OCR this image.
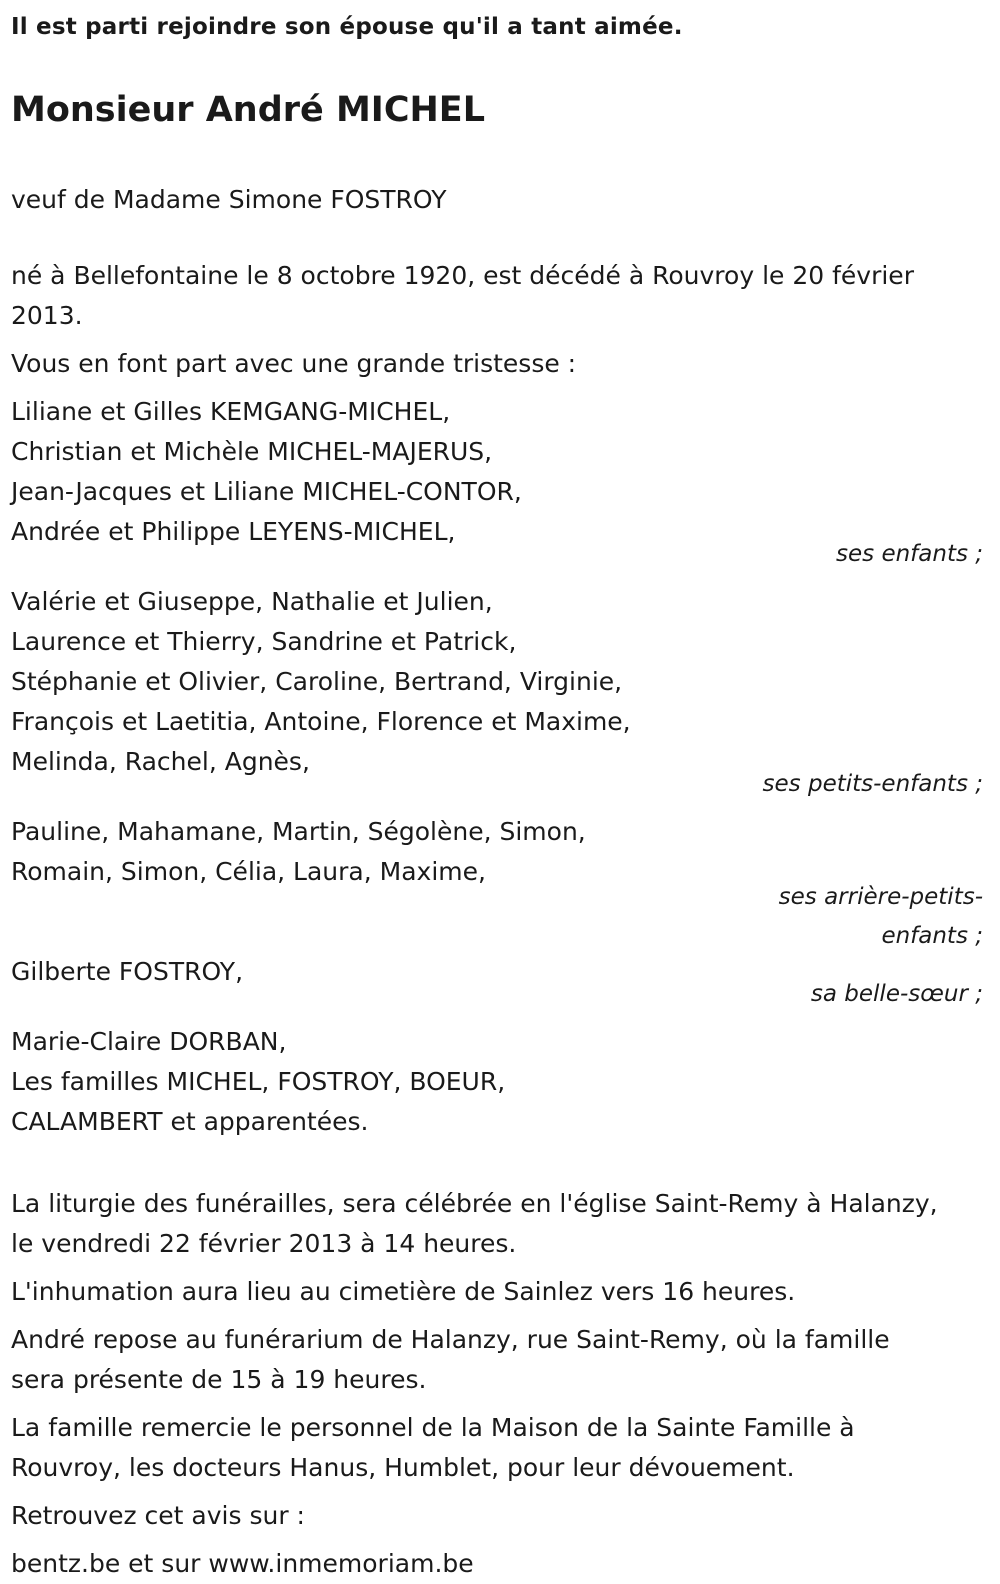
Il est parti rejoindre son épouse qu'il a tant aimée.

Monsieur André MICHEL

veuf de Madame Simone FOSTROY

né à Bellefontaine le 8 octobre 1920, est décédé à Rouvroy le 20 février
2013.

Vous en font part avec une grande tristesse :

Liliane et Gilles KEMGANG-MICHEL,
Christian et Michèle MICHEL-MAJERUS,
Jean-Jacques et Liliane MICHEL-CONTOR,
Andrée et Philippe LEYENS-MICHEL,
ses enfants ;
Valérie et Giuseppe, Nathalie et Julien,
Laurence et Thierry, Sandrine et Patrick,
Stéphanie et Olivier, Caroline, Bertrand, Virginie,
François et Laetitia, Antoine, Florence et Maxime,
Melinda, Rachel, Agnès,
ses petits-enfants ;
Pauline, Mahamane, Martin, Ségolène, Simon,
Romain, Simon, Célia, Laura, Maxime,
ses arrière-petits-
enfants ;
Gilberte FOSTROY,
sa belle-sœur ;
Marie-Claire DORBAN,
Les familles MICHEL, FOSTROY, BOEUR,
CALAMBERT et apparentées.
La liturgie des funérailles, sera célébrée en l'église Saint-Remy à Halanzy,
le vendredi 22 février 2013 à 14 heures.

L'inhumation aura lieu au cimetière de Sainlez vers 16 heures.

André repose au funérarium de Halanzy, rue Saint-Remy, où la famille
sera présente de 15 à 19 heures.
La famille remercie le personnel de la Maison de la Sainte Famille à
Rouvroy, les docteurs Hanus, Humblet, pour leur dévouement.

Retrouvez cet avis sur :

bentz.be et sur www.inmemoriam.be
